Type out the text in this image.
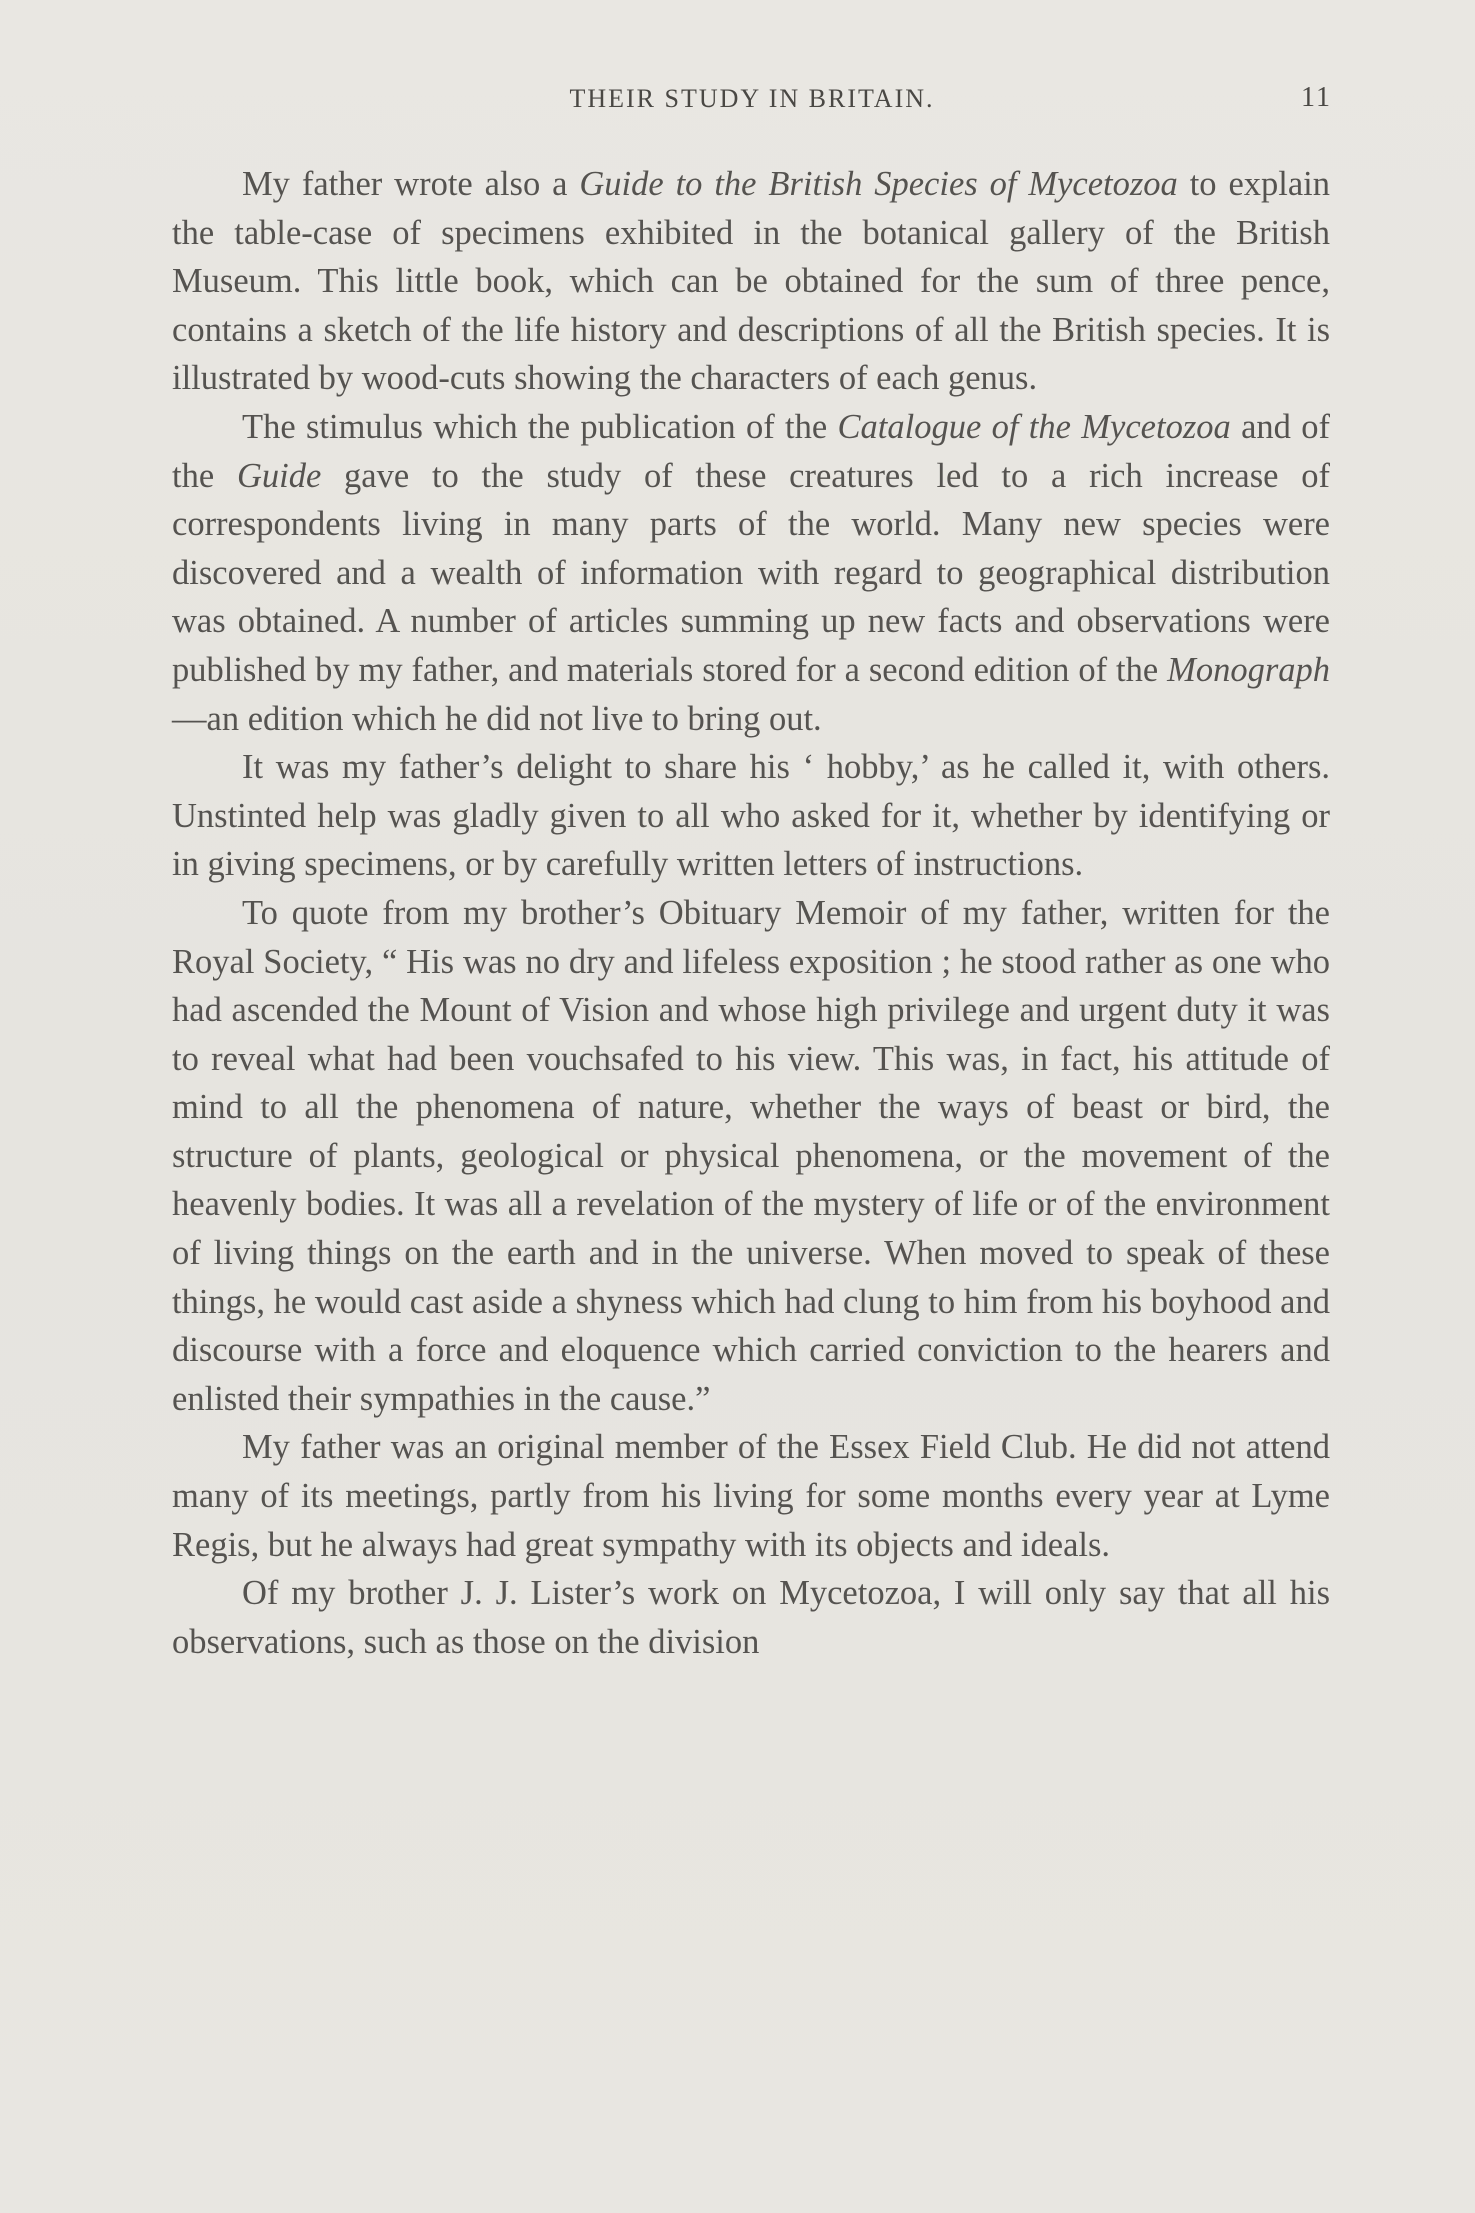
THEIR STUDY IN BRITAIN.	11

My father wrote also a Guide to the British Species of Mycetozoa to explain the table-case of specimens exhibited in the botanical gallery of the British Museum. This little book, which can be obtained for the sum of three pence, contains a sketch of the life history and descriptions of all the British species. It is illustrated by wood-cuts showing the characters of each genus.

The stimulus which the publication of the Catalogue of the Mycetozoa and of the Guide gave to the study of these creatures led to a rich increase of correspondents living in many parts of the world. Many new species were discovered and a wealth of information with regard to geographical distribution was obtained. A number of articles summing up new facts and observations were published by my father, and materials stored for a second edition of the Monograph—an edition which he did not live to bring out.

It was my father’s delight to share his ‘ hobby,’ as he called it, with others. Unstinted help was gladly given to all who asked for it, whether by identifying or in giving specimens, or by carefully written letters of instructions.

To quote from my brother’s Obituary Memoir of my father, written for the Royal Society, “ His was no dry and lifeless exposition ; he stood rather as one who had ascended the Mount of Vision and whose high privilege and urgent duty it was to reveal what had been vouchsafed to his view. This was, in fact, his attitude of mind to all the phenomena of nature, whether the ways of beast or bird, the structure of plants, geological or physical phenomena, or the movement of the heavenly bodies. It was all a revelation of the mystery of life or of the environment of living things on the earth and in the universe. When moved to speak of these things, he would cast aside a shyness which had clung to him from his boyhood and discourse with a force and eloquence which carried conviction to the hearers and enlisted their sympathies in the cause.”

My father was an original member of the Essex Field Club. He did not attend many of its meetings, partly from his living for some months every year at Lyme Regis, but he always had great sympathy with its objects and ideals.

Of my brother J. J. Lister’s work on Mycetozoa, I will only say that all his observations, such as those on the division
